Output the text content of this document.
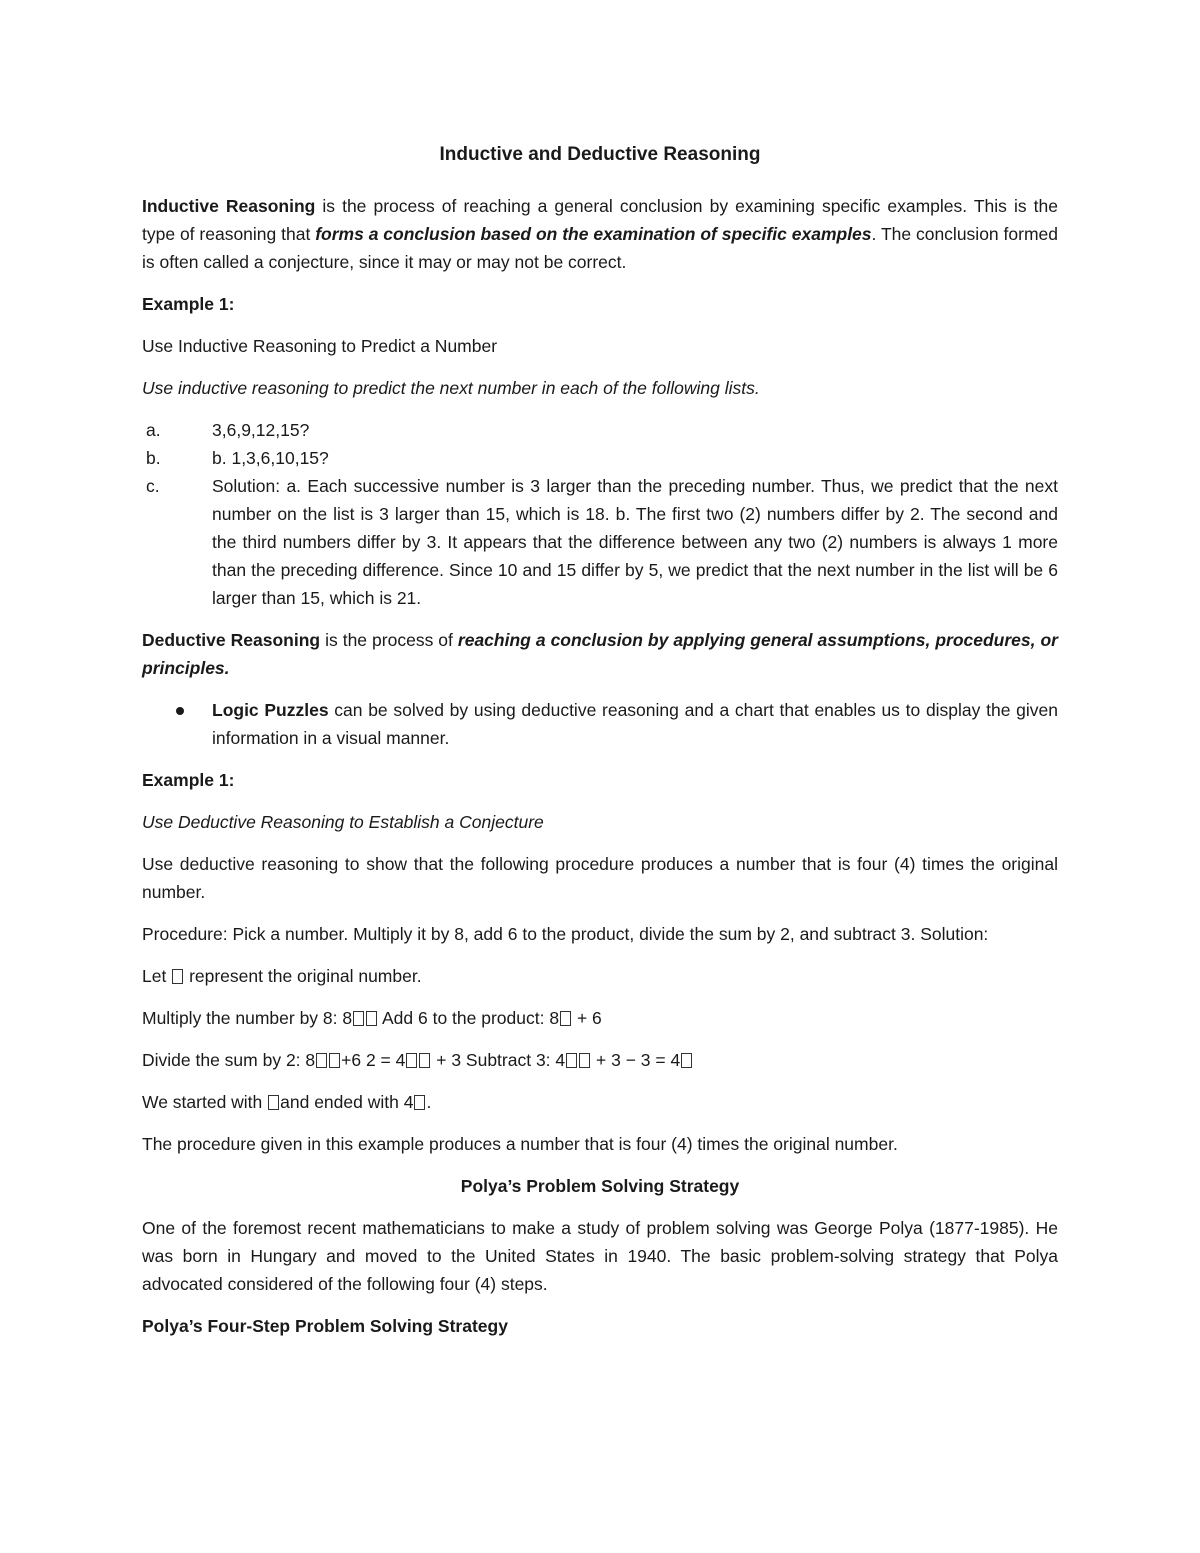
Inductive and Deductive Reasoning

Inductive Reasoning is the process of reaching a general conclusion by examining specific examples. This is the type of reasoning that forms a conclusion based on the examination of specific examples. The conclusion formed is often called a conjecture, since it may or may not be correct.

Example 1:

Use Inductive Reasoning to Predict a Number

Use inductive reasoning to predict the next number in each of the following lists.

a.	3,6,9,12,15?
b.	b. 1,3,6,10,15?
c.	Solution: a. Each successive number is 3 larger than the preceding number. Thus, we predict that the next number on the list is 3 larger than 15, which is 18. b. The first two (2) numbers differ by 2. The second and the third numbers differ by 3. It appears that the difference between any two (2) numbers is always 1 more than the preceding difference. Since 10 and 15 differ by 5, we predict that the next number in the list will be 6 larger than 15, which is 21.

Deductive Reasoning is the process of reaching a conclusion by applying general assumptions, procedures, or principles.

Logic Puzzles can be solved by using deductive reasoning and a chart that enables us to display the given information in a visual manner.

Example 1:

Use Deductive Reasoning to Establish a Conjecture

Use deductive reasoning to show that the following procedure produces a number that is four (4) times the original number.

Procedure: Pick a number. Multiply it by 8, add 6 to the product, divide the sum by 2, and subtract 3. Solution:

Let  represent the original number.

Multiply the number by 8: 8 Add 6 to the product: 8 + 6

Divide the sum by 2: 8 +6 2 = 4 + 3 Subtract 3: 4 + 3 − 3 = 4

We started with and ended with 4 .

The procedure given in this example produces a number that is four (4) times the original number.

Polya’s Problem Solving Strategy

One of the foremost recent mathematicians to make a study of problem solving was George Polya (1877-1985). He was born in Hungary and moved to the United States in 1940. The basic problem-solving strategy that Polya advocated considered of the following four (4) steps.

Polya’s Four-Step Problem Solving Strategy
